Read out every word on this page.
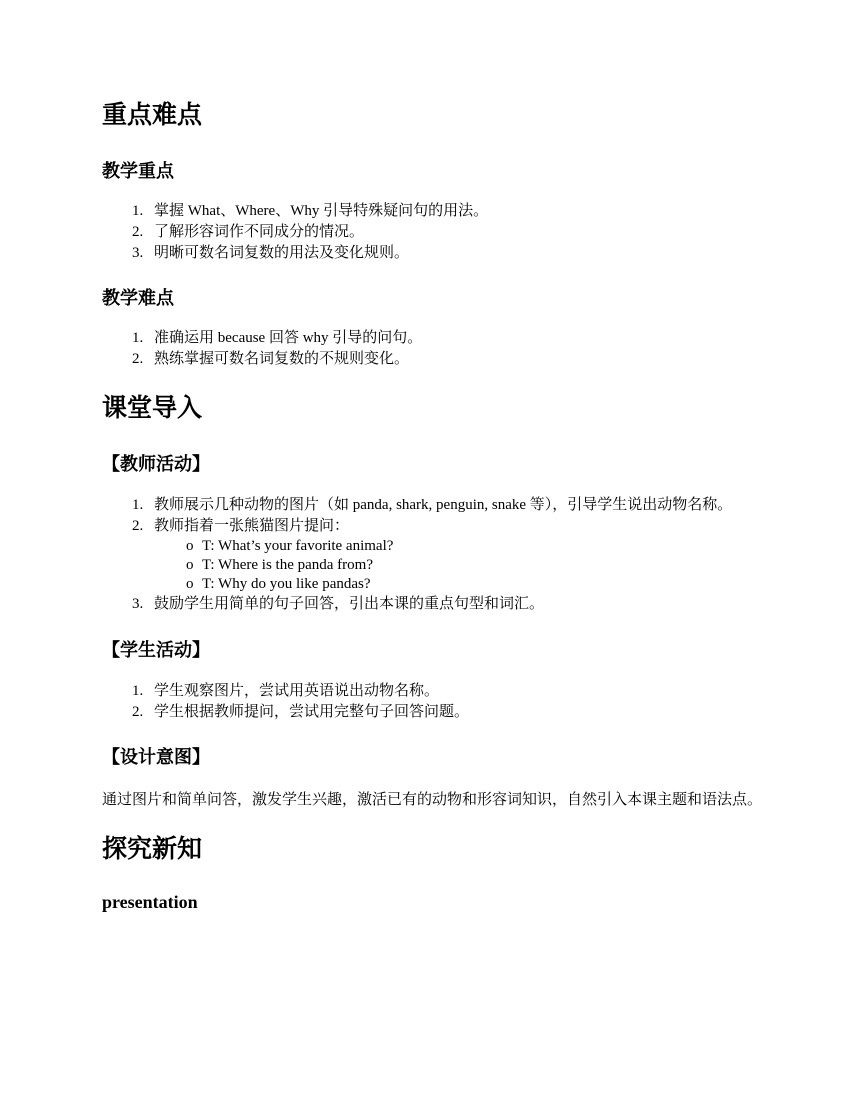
重点难点
教学重点
1. 掌握 What、Where、Why 引导特殊疑问句的用法。
2. 了解形容词作不同成分的情况。
3. 明晰可数名词复数的用法及变化规则。
教学难点
1. 准确运用 because 回答 why 引导的问句。
2. 熟练掌握可数名词复数的不规则变化。
课堂导入
【教师活动】
1. 教师展示几种动物的图片（如 panda, shark, penguin, snake 等），引导学生说出动物名称。
2. 教师指着一张熊猫图片提问：
o T: What’s your favorite animal?
o T: Where is the panda from?
o T: Why do you like pandas?
3. 鼓励学生用简单的句子回答，引出本课的重点句型和词汇。
【学生活动】
1. 学生观察图片，尝试用英语说出动物名称。
2. 学生根据教师提问，尝试用完整句子回答问题。
【设计意图】

通过图片和简单问答，激发学生兴趣，激活已有的动物和形容词知识，自然引入本课主题和语法点。

探究新知
presentation
